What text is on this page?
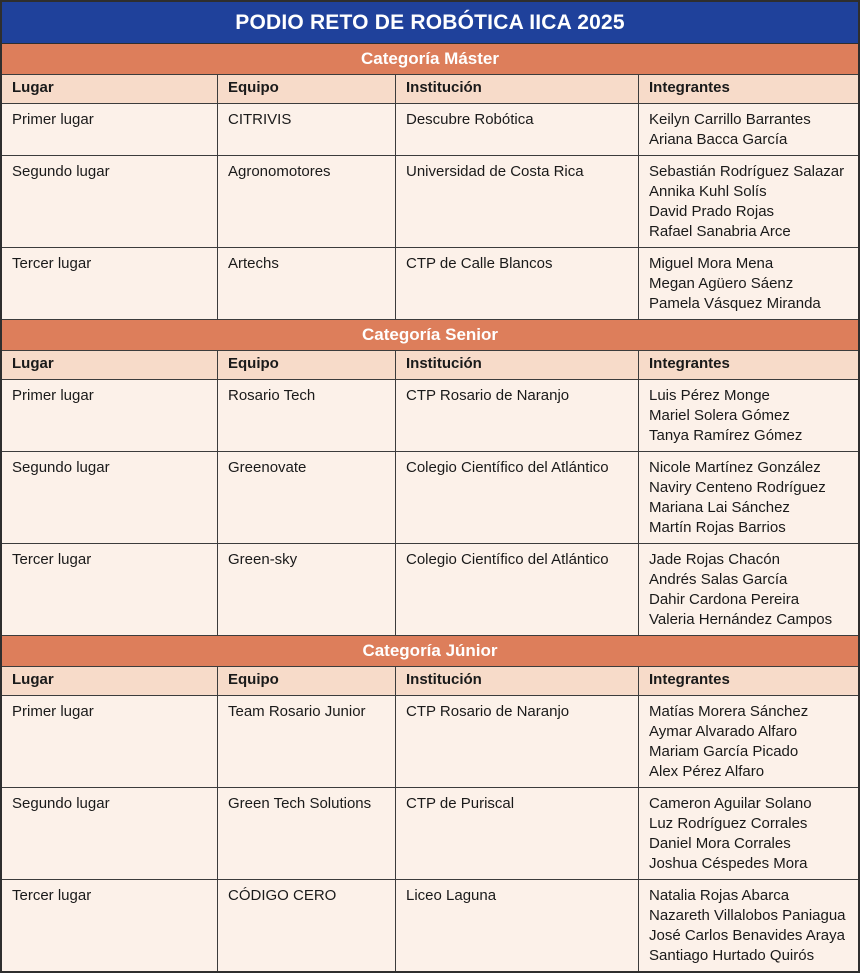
PODIO RETO DE ROBÓTICA IICA 2025
Categoría Máster
Lugar	Equipo	Institución	Integrantes
Primer lugar	CITRIVIS	Descubre Robótica	Keilyn Carrillo Barrantes
Ariana Bacca García
Segundo lugar	Agronomotores	Universidad de Costa Rica	Sebastián Rodríguez Salazar
Annika Kuhl Solís
David Prado Rojas
Rafael Sanabria Arce
Tercer lugar	Artechs	CTP de Calle Blancos	Miguel Mora Mena
Megan Agüero Sáenz
Pamela Vásquez Miranda
Categoría Senior
Lugar	Equipo	Institución	Integrantes
Primer lugar	Rosario Tech	CTP Rosario de Naranjo	Luis Pérez Monge
Mariel Solera Gómez
Tanya Ramírez Gómez
Segundo lugar	Greenovate	Colegio Científico del Atlántico	Nicole Martínez González
Naviry Centeno Rodríguez
Mariana Lai Sánchez
Martín Rojas Barrios
Tercer lugar	Green-sky	Colegio Científico del Atlántico	Jade Rojas Chacón
Andrés Salas García
Dahir Cardona Pereira
Valeria Hernández Campos
Categoría Júnior
Lugar	Equipo	Institución	Integrantes
Primer lugar	Team Rosario Junior	CTP Rosario de Naranjo	Matías Morera Sánchez
Aymar Alvarado Alfaro
Mariam García Picado
Alex Pérez Alfaro
Segundo lugar	Green Tech Solutions	CTP de Puriscal	Cameron Aguilar Solano
Luz Rodríguez Corrales
Daniel Mora Corrales
Joshua Céspedes Mora
Tercer lugar	CÓDIGO CERO	Liceo Laguna	Natalia Rojas Abarca
Nazareth Villalobos Paniagua
José Carlos Benavides Araya
Santiago Hurtado Quirós
